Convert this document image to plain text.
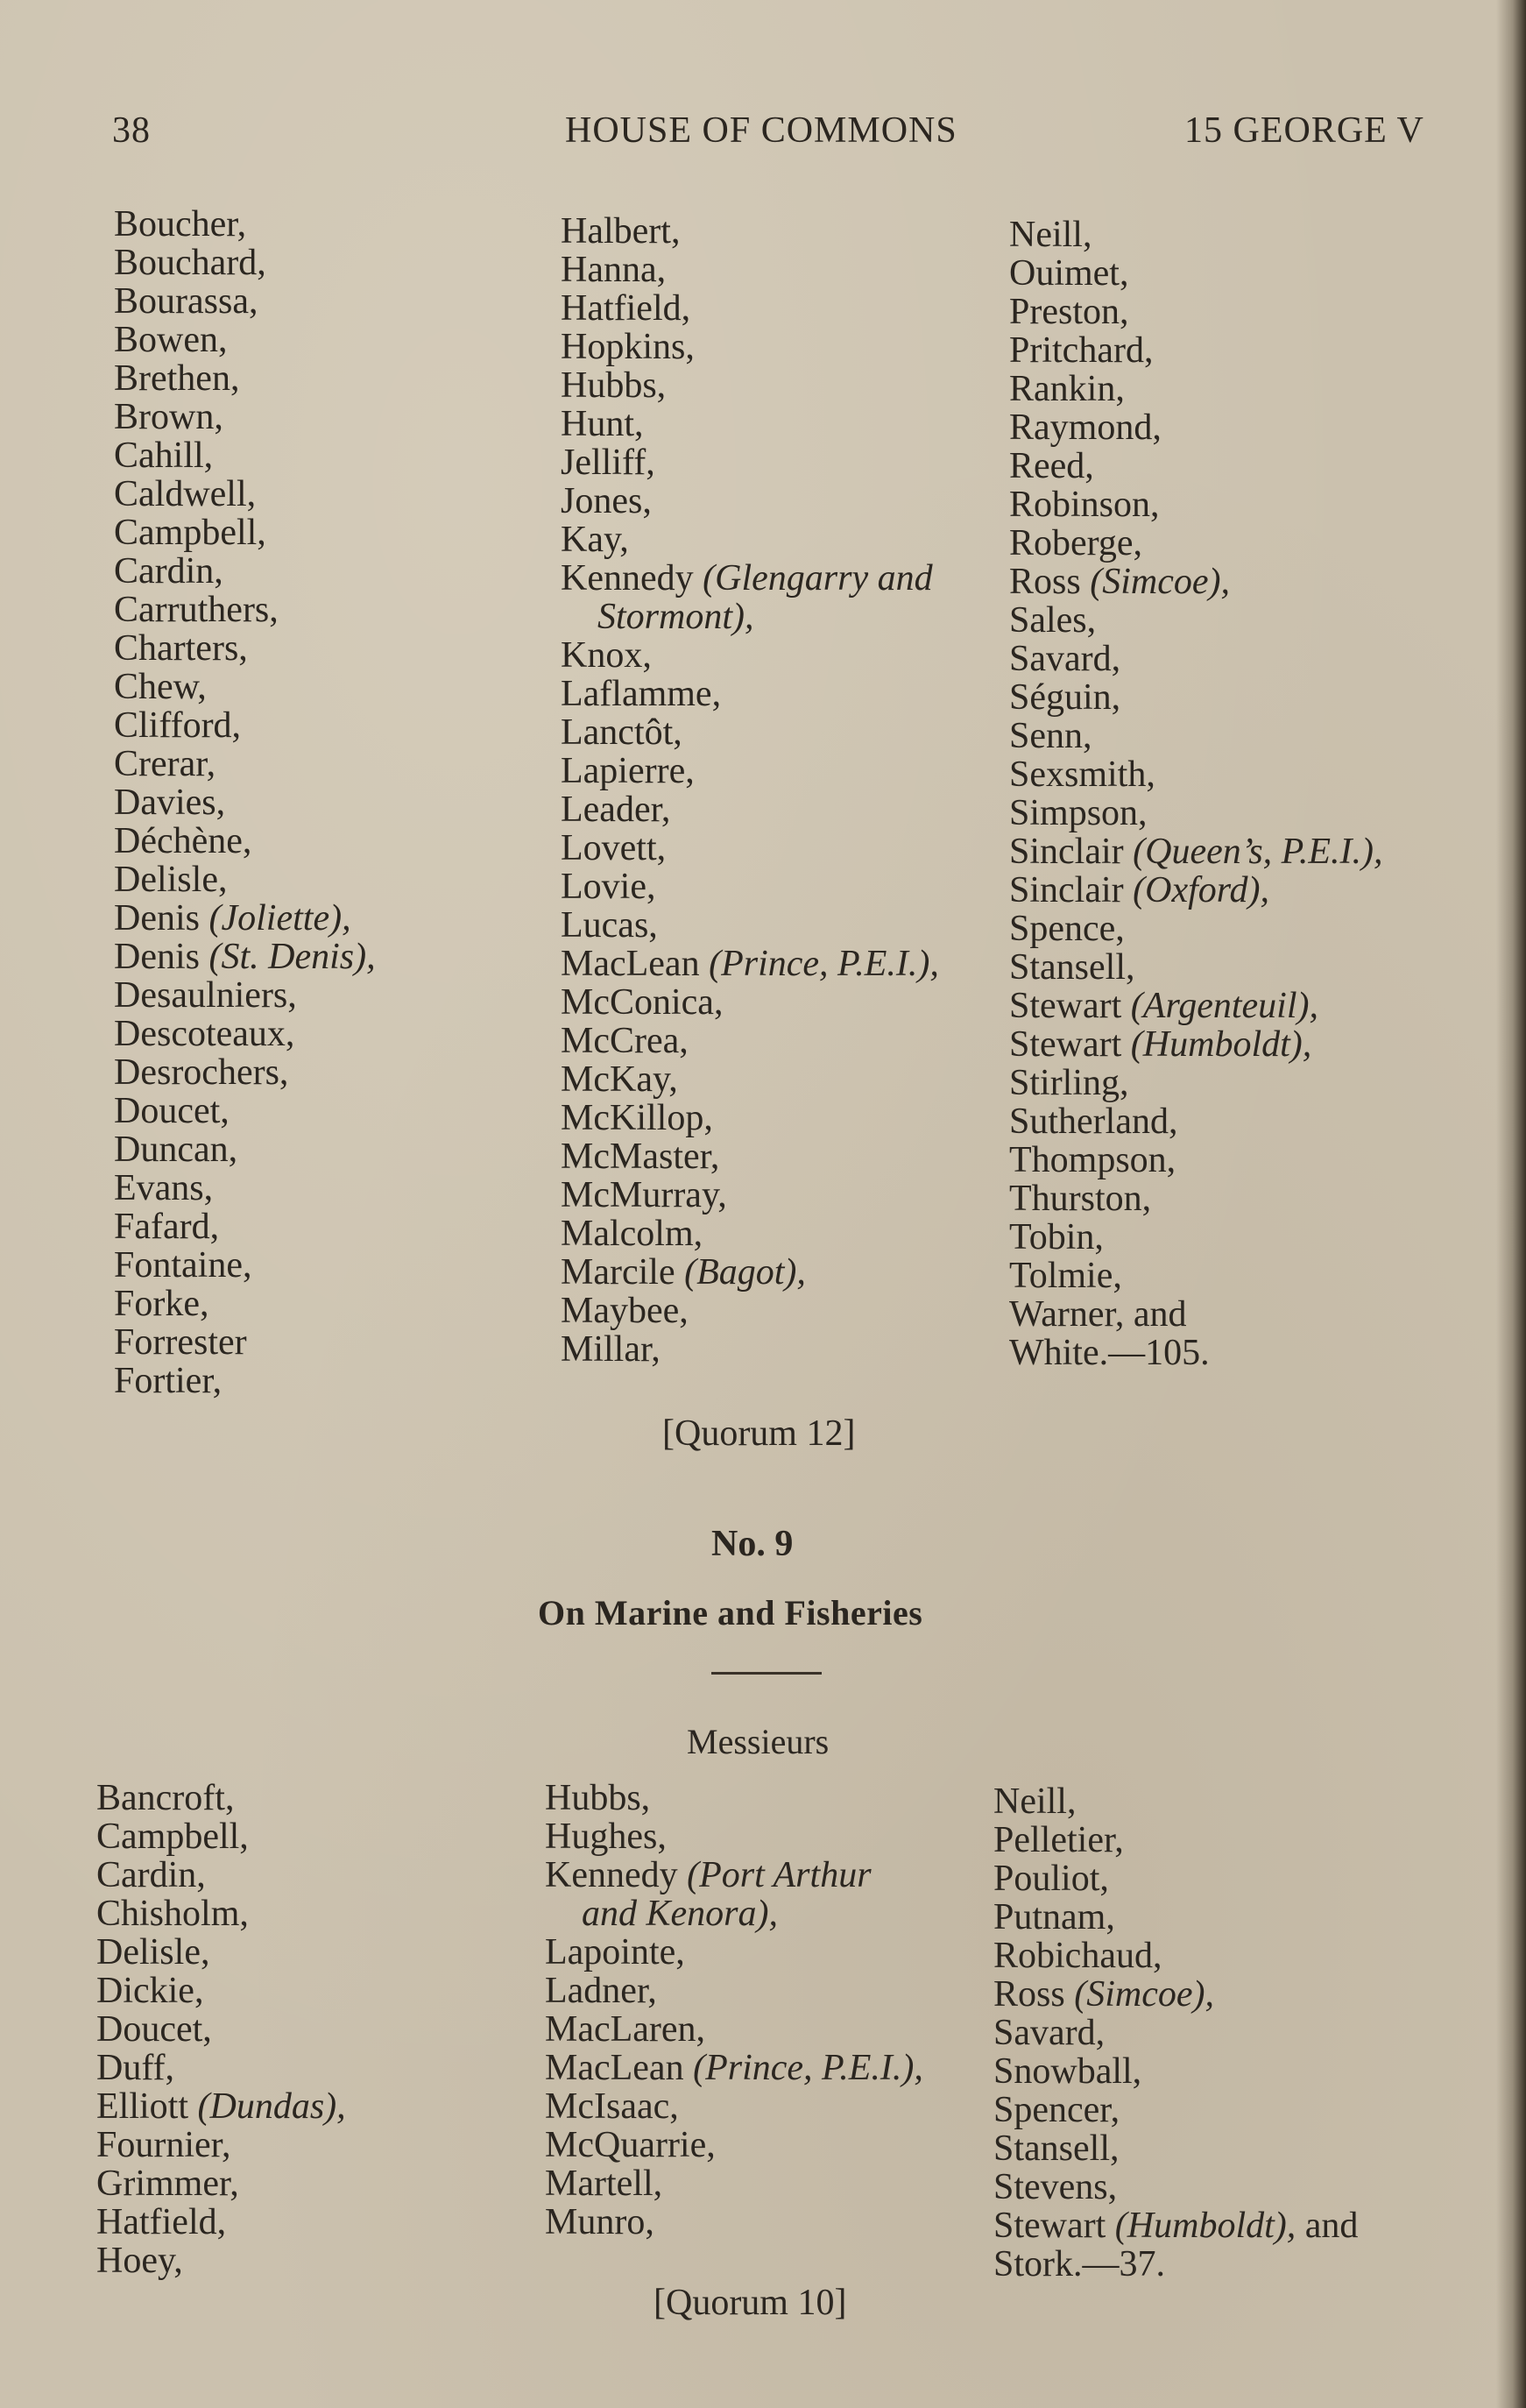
38	HOUSE OF COMMONS	15 GEORGE V
Boucher,
Bouchard,
Bourassa,
Bowen,
Brethen,
Brown,
Cahill,
Caldwell,
Campbell,
Cardin,
Carruthers,
Charters,
Chew,
Clifford,
Crerar,
Davies,
Déchène,
Delisle,
Denis (Joliette),
Denis (St. Denis),
Desaulniers,
Descoteaux,
Desrochers,
Doucet,
Duncan,
Evans,
Fafard,
Fontaine,
Forke,
Forrester
Fortier,
Halbert,
Hanna,
Hatfield,
Hopkins,
Hubbs,
Hunt,
Jelliff,
Jones,
Kay,
Kennedy (Glengarry and
Stormont),
Knox,
Laflamme,
Lanctôt,
Lapierre,
Leader,
Lovett,
Lovie,
Lucas,
MacLean (Prince, P.E.I.),
McConica,
McCrea,
McKay,
McKillop,
McMaster,
McMurray,
Malcolm,
Marcile (Bagot),
Maybee,
Millar,
Neill,
Ouimet,
Preston,
Pritchard,
Rankin,
Raymond,
Reed,
Robinson,
Roberge,
Ross (Simcoe),
Sales,
Savard,
Séguin,
Senn,
Sexsmith,
Simpson,
Sinclair (Queen’s, P.E.I.),
Sinclair (Oxford),
Spence,
Stansell,
Stewart (Argenteuil),
Stewart (Humboldt),
Stirling,
Sutherland,
Thompson,
Thurston,
Tobin,
Tolmie,
Warner, and
White.—105.
[Quorum 12]
No. 9
On Marine and Fisheries
Messieurs
Bancroft,
Campbell,
Cardin,
Chisholm,
Delisle,
Dickie,
Doucet,
Duff,
Elliott (Dundas),
Fournier,
Grimmer,
Hatfield,
Hoey,
Hubbs,
Hughes,
Kennedy (Port Arthur
and Kenora),
Lapointe,
Ladner,
MacLaren,
MacLean (Prince, P.E.I.),
McIsaac,
McQuarrie,
Martell,
Munro,
Neill,
Pelletier,
Pouliot,
Putnam,
Robichaud,
Ross (Simcoe),
Savard,
Snowball,
Spencer,
Stansell,
Stevens,
Stewart (Humboldt), and
Stork.—37.
[Quorum 10]
